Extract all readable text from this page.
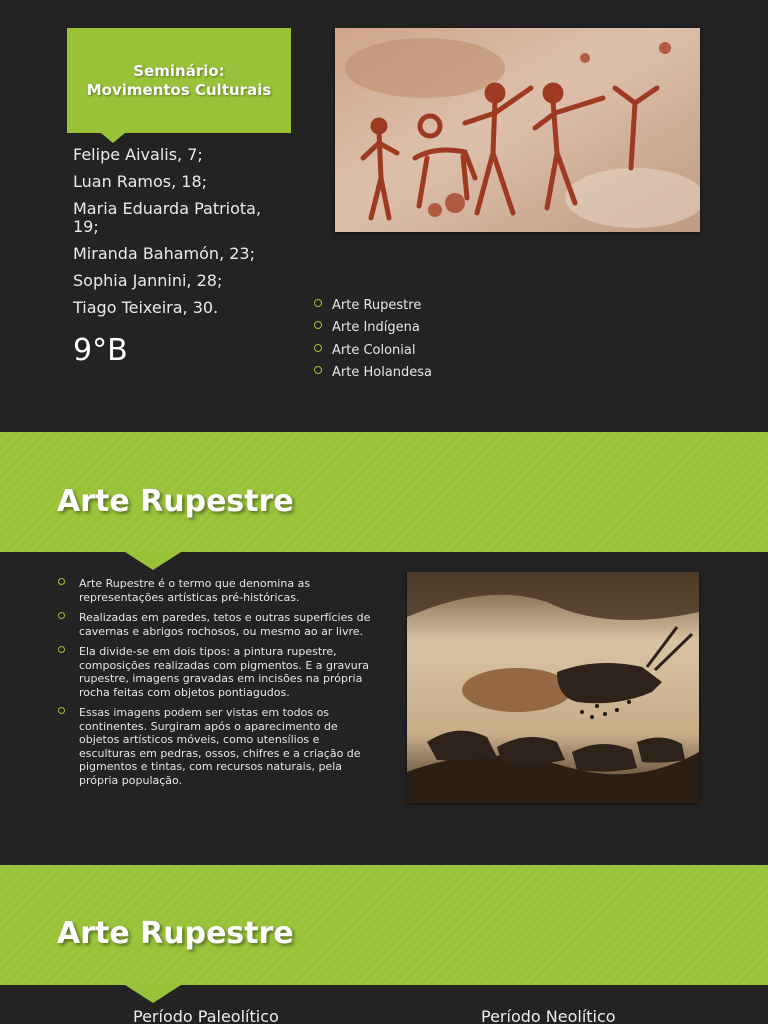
Seminário:
Movimentos Culturais
Felipe Aivalis, 7;
Luan Ramos, 18;
Maria Eduarda Patriota, 19;
Miranda Bahamón, 23;
Sophia Jannini, 28;
Tiago Teixeira, 30.
9°B
Arte Rupestre
Arte Indígena
Arte Colonial
Arte Holandesa
Arte Rupestre
Arte Rupestre é o termo que denomina as representações artísticas pré-históricas.
Realizadas em paredes, tetos e outras superfícies de cavernas e abrigos rochosos, ou mesmo ao ar livre.
Ela divide-se em dois tipos: a pintura rupestre, composições realizadas com pigmentos. E a gravura rupestre, imagens gravadas em incisões na própria rocha feitas com objetos pontiagudos.
Essas imagens podem ser vistas em todos os continentes. Surgiram após o aparecimento de objetos artísticos móveis, como utensílios e esculturas em pedras, ossos, chifres e a criação de pigmentos e tintas, com recursos naturais, pela própria população.
Arte Rupestre
Período Paleolítico	Período Neolítico
